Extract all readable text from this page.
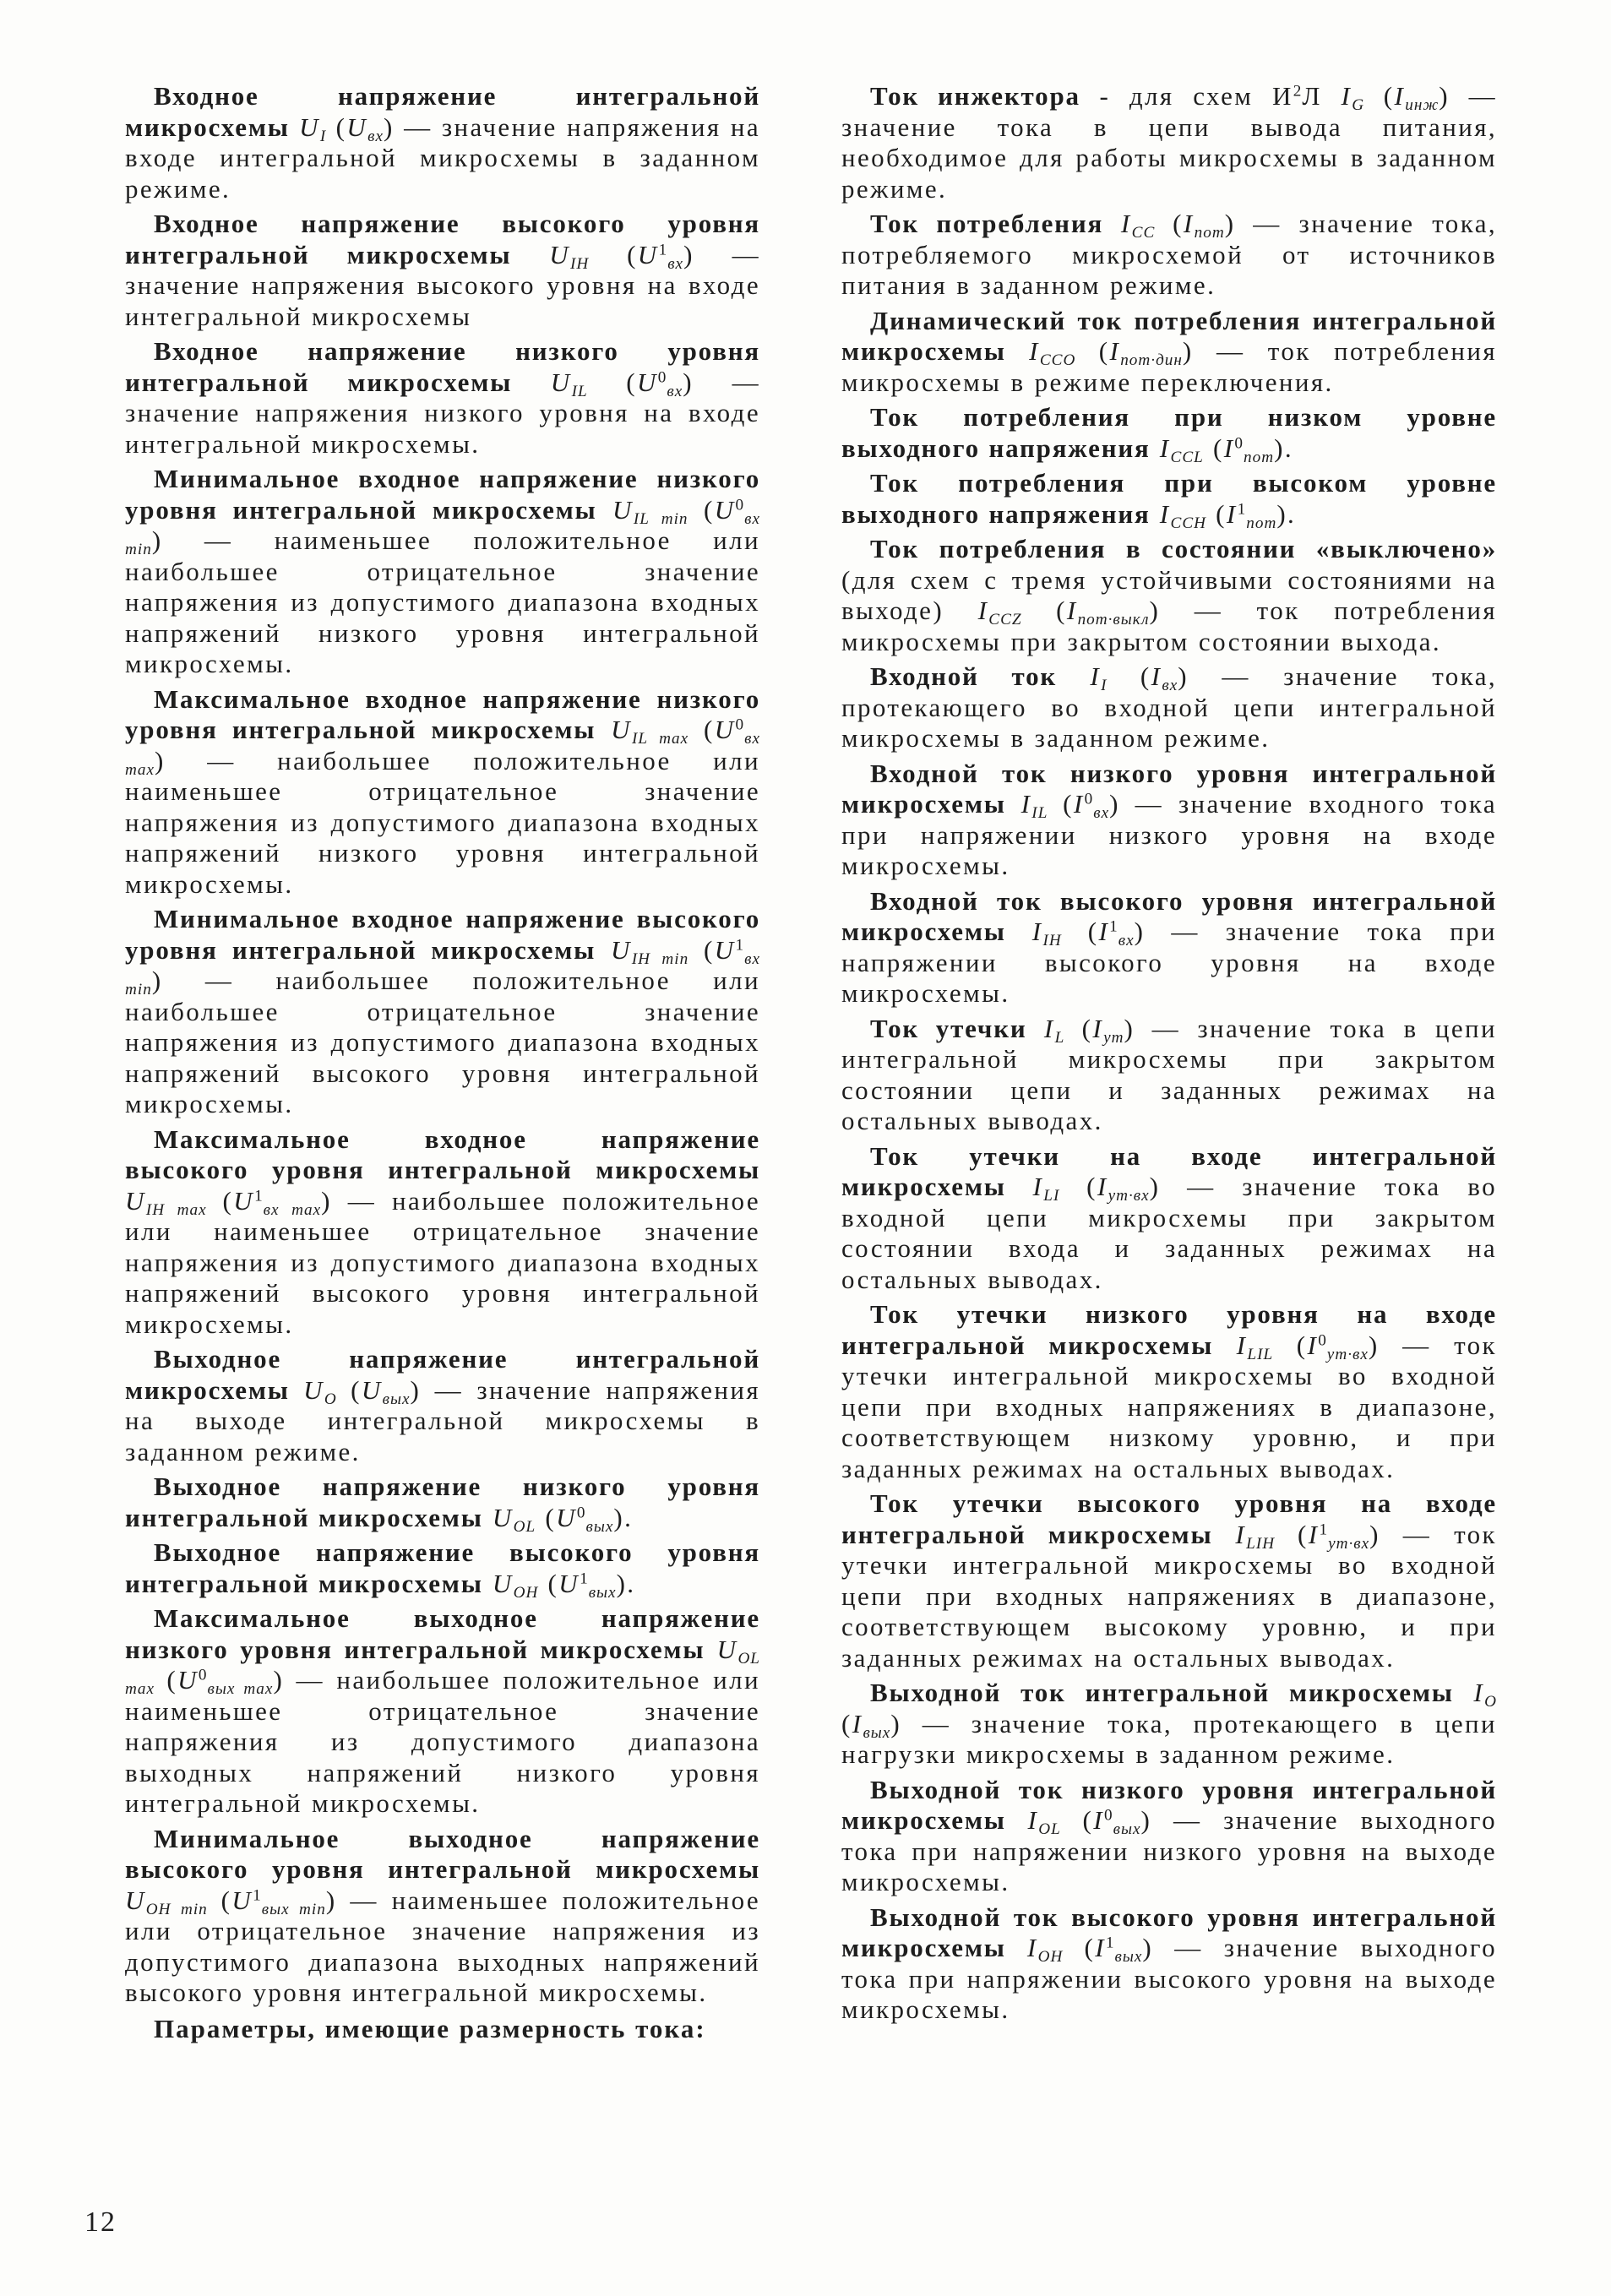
Входное напряжение интегральной микросхемы UI (Uвх) — значение напряжения на входе интегральной микросхемы в заданном режиме.

Входное напряжение высокого уровня интегральной микросхемы UIH $(U^1вх)$ — значение напряжения высокого уровня на входе интегральной микросхемы

Входное напряжение низкого уровня интегральной микросхемы UIL $(U^0вх)$ — значение напряжения низкого уровня на входе интегральной микросхемы.

Минимальное входное напряжение низкого уровня интегральной микросхемы UIL $\min (U^0вх$ min) — наименьшее положительное или наибольшее отрицательное значение напряжения из допустимого диапазона входных напряжений низкого уровня интегральной микросхемы.

Максимальное входное напряжение низкого уровня интегральной микросхемы UIL $\max (U^0вх$ max) — наибольшее положительное или наименьшее отрицательное значение напряжения из допустимого диапазона входных напряжений низкого уровня интегральной микросхемы.

Минимальное входное напряжение высокого уровня интегральной микросхемы UIH $\min (U^1вх$ min) — наибольшее положительное или наибольшее отрицательное значение напряжения из допустимого диапазона входных напряжений высокого уровня интегральной микросхемы.

Максимальное входное напряжение высокого уровня интегральной микросхемы UIH $\max (U^1вх$ max) — наибольшее положительное или наименьшее отрицательное значение напряжения из допустимого диапазона входных напряжений высокого уровня интегральной микросхемы.

Выходное напряжение интегральной микросхемы UO (Uвых) — значение напряжения на выходе интегральной микросхемы в заданном режиме.

Выходное напряжение низкого уровня интегральной микросхемы UOL $(U^0вых)$.

Выходное напряжение высокого уровня интегральной микросхемы UOH $(U^1вых)$.

Максимальное выходное напряжение низкого уровня интегральной микросхемы UOL $\max (U^0вых$ max) — наибольшее положительное или наименьшее отрицательное значение напряжения из допустимого диапазона выходных напряжений низкого уровня интегральной микросхемы.

Минимальное выходное напряжение высокого уровня интегральной микросхемы UOH $\min (U^1вых$ min) — наименьшее положительное или отрицательное значение напряжения из допустимого диапазона выходных напряжений высокого уровня интегральной микросхемы.

Параметры, имеющие размерность тока:

Ток инжектора - для схем $И^2Л$ IG (Iинж) — значение тока в цепи вывода питания, необходимое для работы микросхемы в заданном режиме.

Ток потребления ICC (Iпот) — значение тока, потребляемого микросхемой от источников питания в заданном режиме.

Динамический ток потребления интегральной микросхемы ICCO (Iпот·дин) — ток потребления микросхемы в режиме переключения.

Ток потребления при низком уровне выходного напряжения ICCL $(I^0пот)$.

Ток потребления при высоком уровне выходного напряжения ICCH $(I^1пот)$.

Ток потребления в состоянии «выключено» (для схем с тремя устойчивыми состояниями на выходе) ICCZ (Iпот·выкл) — ток потребления микросхемы при закрытом состоянии выхода.

Входной ток II (Iвх) — значение тока, протекающего во входной цепи интегральной микросхемы в заданном режиме.

Входной ток низкого уровня интегральной микросхемы IIL $(I^0вх)$ — значение входного тока при напряжении низкого уровня на входе микросхемы.

Входной ток высокого уровня интегральной микросхемы IIH $(I^1вх)$ — значение тока при напряжении высокого уровня на входе микросхемы.

Ток утечки IL (Iут) — значение тока в цепи интегральной микросхемы при закрытом состоянии цепи и заданных режимах на остальных выводах.

Ток утечки на входе интегральной микросхемы ILI (Iут·вх) — значение тока во входной цепи микросхемы при закрытом состоянии входа и заданных режимах на остальных выводах.

Ток утечки низкого уровня на входе интегральной микросхемы ILIL $(I^0ут\cdot вх)$ — ток утечки интегральной микросхемы во входной цепи при входных напряжениях в диапазоне, соответствующем низкому уровню, и при заданных режимах на остальных выводах.

Ток утечки высокого уровня на входе интегральной микросхемы ILIH $(I^1ут\cdot вх)$ — ток утечки интегральной микросхемы во входной цепи при входных напряжениях в диапазоне, соответствующем высокому уровню, и при заданных режимах на остальных выводах.

Выходной ток интегральной микросхемы IO (Iвых) — значение тока, протекающего в цепи нагрузки микросхемы в заданном режиме.

Выходной ток низкого уровня интегральной микросхемы IOL $(I^0вых)$ — значение выходного тока при напряжении низкого уровня на выходе микросхемы.

Выходной ток высокого уровня интегральной микросхемы IOH $(I^1вых)$ — значение выходного тока при напряжении высокого уровня на выходе микросхемы.

12
